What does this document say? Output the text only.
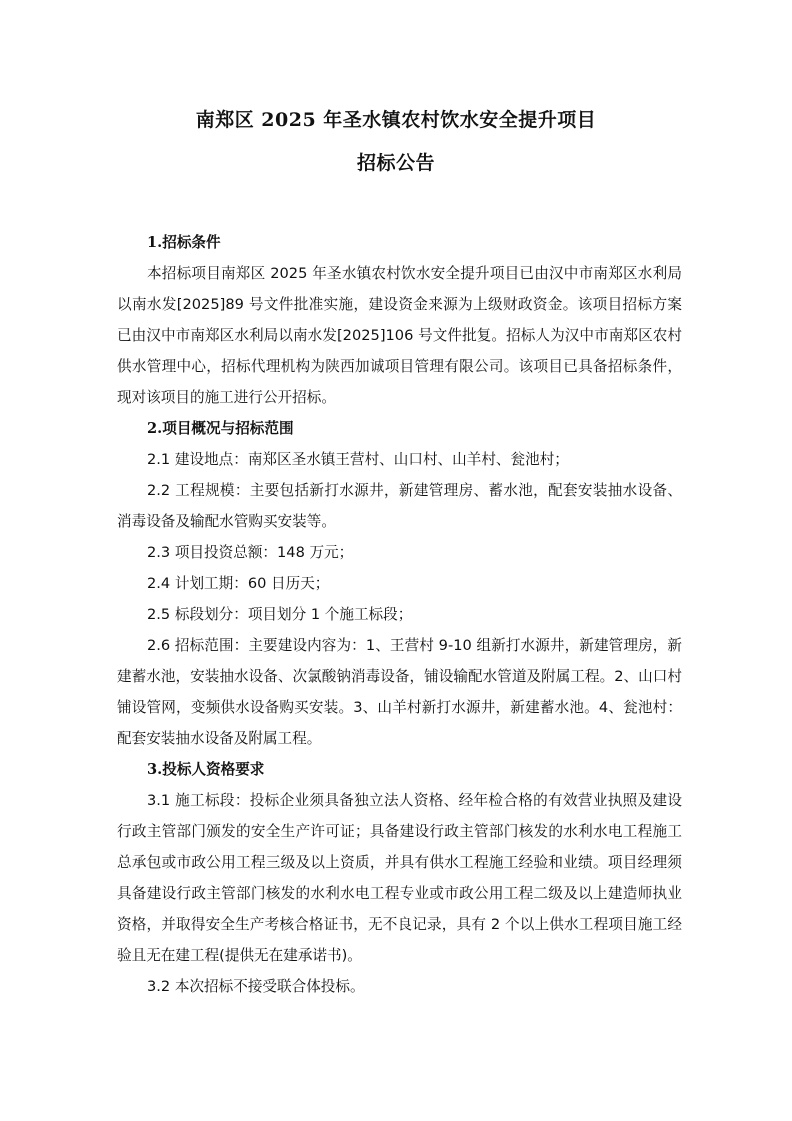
南郑区 2025 年圣水镇农村饮水安全提升项目
招标公告

1.招标条件

本招标项目南郑区 2025 年圣水镇农村饮水安全提升项目已由汉中市南郑区水利局以南水发[2025]89 号文件批准实施，建设资金来源为上级财政资金。该项目招标方案已由汉中市南郑区水利局以南水发[2025]106 号文件批复。招标人为汉中市南郑区农村供水管理中心，招标代理机构为陕西加诚项目管理有限公司。该项目已具备招标条件，现对该项目的施工进行公开招标。

2.项目概况与招标范围

2.1 建设地点：南郑区圣水镇王营村、山口村、山羊村、瓮池村；

2.2 工程规模：主要包括新打水源井，新建管理房、蓄水池，配套安装抽水设备、消毒设备及输配水管购买安装等。

2.3 项目投资总额：148 万元；

2.4 计划工期：60 日历天；

2.5 标段划分：项目划分 1 个施工标段；

2.6 招标范围：主要建设内容为：1、王营村 9-10 组新打水源井，新建管理房，新建蓄水池，安装抽水设备、次氯酸钠消毒设备，铺设输配水管道及附属工程。2、山口村铺设管网，变频供水设备购买安装。3、山羊村新打水源井，新建蓄水池。4、瓮池村：配套安装抽水设备及附属工程。

3.投标人资格要求

3.1 施工标段：投标企业须具备独立法人资格、经年检合格的有效营业执照及建设行政主管部门颁发的安全生产许可证；具备建设行政主管部门核发的水利水电工程施工总承包或市政公用工程三级及以上资质，并具有供水工程施工经验和业绩。项目经理须具备建设行政主管部门核发的水利水电工程专业或市政公用工程二级及以上建造师执业资格，并取得安全生产考核合格证书，无不良记录，具有 2 个以上供水工程项目施工经验且无在建工程(提供无在建承诺书)。

3.2 本次招标不接受联合体投标。
